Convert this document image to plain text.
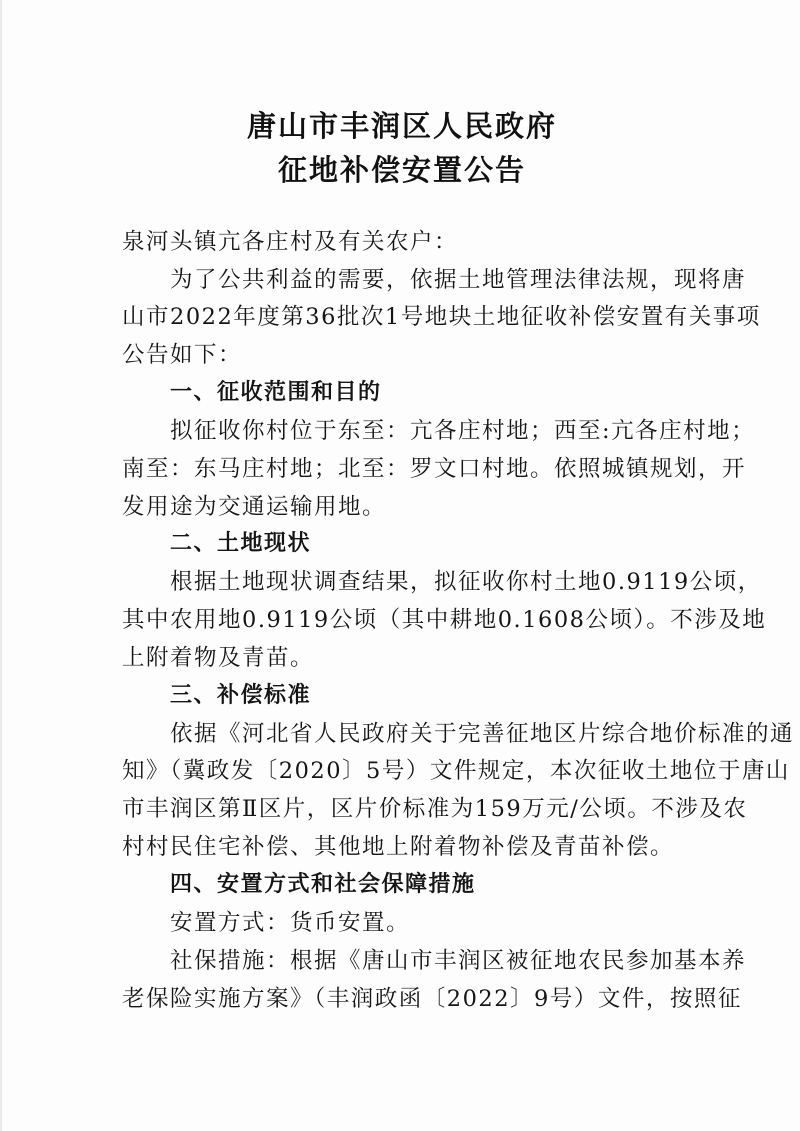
唐山市丰润区人民政府
征地补偿安置公告
泉河头镇亢各庄村及有关农户：
为了公共利益的需要，依据土地管理法律法规，现将唐
山市2022年度第36批次1号地块土地征收补偿安置有关事项
公告如下：
一、征收范围和目的
拟征收你村位于东至：亢各庄村地；西至:亢各庄村地；
南至：东马庄村地；北至：罗文口村地。依照城镇规划，开
发用途为交通运输用地。
二、土地现状
根据土地现状调查结果，拟征收你村土地0.9119公顷，
其中农用地0.9119公顷（其中耕地0.1608公顷）。不涉及地
上附着物及青苗。
三、补偿标准
依据《河北省人民政府关于完善征地区片综合地价标准的通
知》（冀政发〔2020〕5号）文件规定，本次征收土地位于唐山
市丰润区第Ⅱ区片，区片价标准为159万元/公顷。不涉及农
村村民住宅补偿、其他地上附着物补偿及青苗补偿。
四、安置方式和社会保障措施
安置方式：货币安置。
社保措施：根据《唐山市丰润区被征地农民参加基本养
老保险实施方案》（丰润政函〔2022〕9号）文件，按照征
